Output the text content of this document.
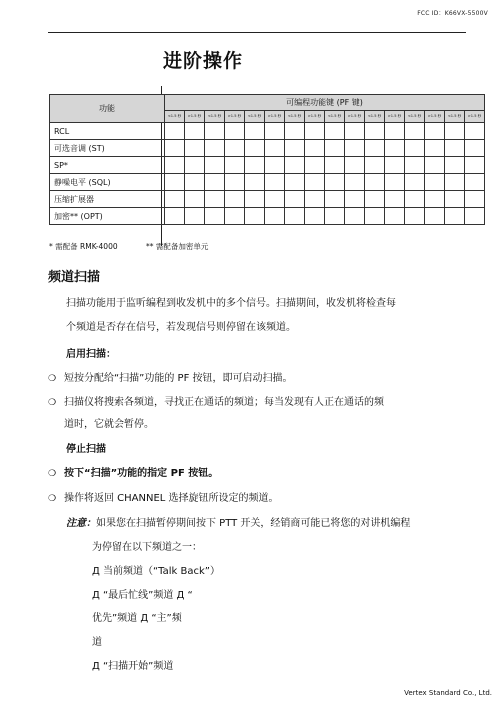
FCC ID：K66VX-5500V
进阶操作
功能	可编程功能键 (PF 键)															
	<1.5 秒	>1.5 秒	<1.5 秒	>1.5 秒	<1.5 秒	>1.5 秒	<1.5 秒	>1.5 秒	<1.5 秒	>1.5 秒	<1.5 秒	>1.5 秒	<1.5 秒	>1.5 秒	<1.5 秒	>1.5 秒
RCL																
可选音调 (ST)																
SP*																
静噪电平 (SQL)																
压缩扩展器																
加密** (OPT)																
* 需配备 RMK-4000	** 需配备加密单元
频道扫描
扫描功能用于监听编程到收发机中的多个信号。扫描期间，收发机将检查每
个频道是否存在信号，若发现信号则停留在该频道。
启用扫描：
❍ 短按分配给“扫描”功能的 PF 按钮，即可启动扫描。
❍ 扫描仪将搜索各频道，寻找正在通话的频道；每当发现有人正在通话的频
道时，它就会暂停。
停止扫描
❍ 按下“扫描”功能的指定 PF 按钮。
❍ 操作将返回 CHANNEL 选择旋钮所设定的频道。
注意：如果您在扫描暂停期间按下 PTT 开关，经销商可能已将您的对讲机编程
为停留在以下频道之一：
Д 当前频道（“Talk Back”）
Д “最后忙线”频道 Д “
优先”频道 Д “主”频
道
Д “扫描开始”频道
Vertex Standard Co., Ltd.
